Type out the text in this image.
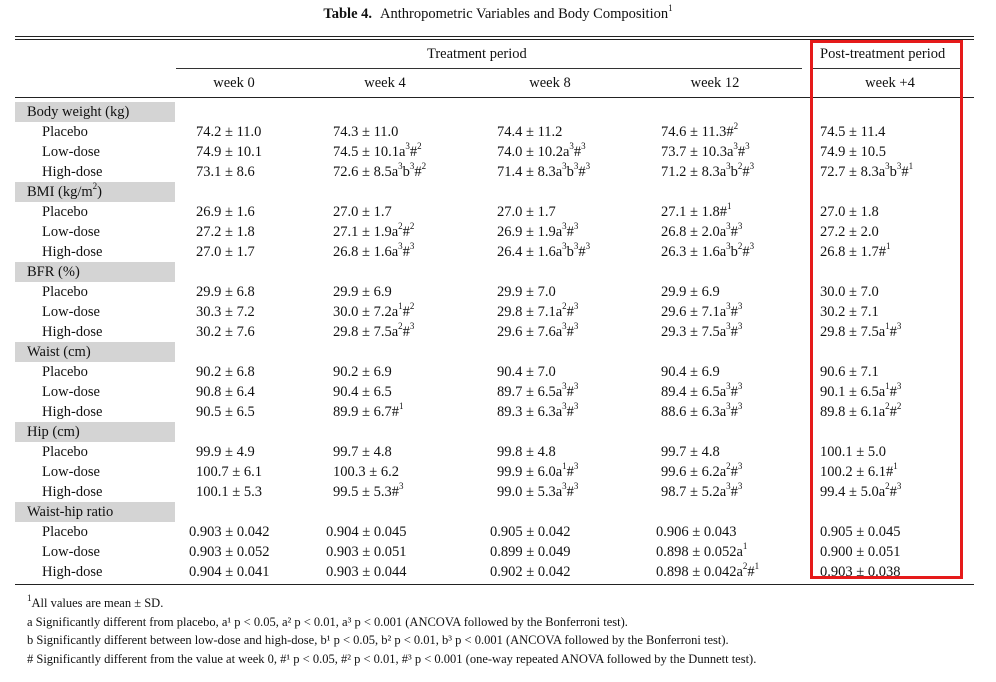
Table 4. Anthropometric Variables and Body Composition$^1$
Treatment period	Post-treatment period
week 0	week 4	week 8	week 12	week +4
Body weight (kg)
Placebo	74.2 ± 11.0	74.3 ± 11.0	74.4 ± 11.2	74.6 ± 11.3#$^2$	74.5 ± 11.4
Low-dose	74.9 ± 10.1	$74.5 \pm 10.1a^3\#^2$	$74.0 \pm 10.2a^3\#^3$	$73.7 \pm 10.3a^3\#^3$	74.9 ± 10.5
High-dose	73.1 ± 8.6	$72.6 \pm 8.5a^3b^3\#^2$	$71.4 \pm 8.3a^3b^3\#^3$	$71.2 \pm 8.3a^3b^2\#^3$	$72.7 \pm 8.3a^3b^3\#^1$
BMI $(kg/m^2)$
Placebo	26.9 ± 1.6	27.0 ± 1.7	27.0 ± 1.7	27.1 ± 1.8#$^1$	27.0 ± 1.8
Low-dose	27.2 ± 1.8	$27.1 \pm 1.9a^2\#^2$	$26.9 \pm 1.9a^3\#^3$	$26.8 \pm 2.0a^3\#^3$	27.2 ± 2.0
High-dose	27.0 ± 1.7	$26.8 \pm 1.6a^3\#^3$	$26.4 \pm 1.6a^3b^3\#^3$	$26.3 \pm 1.6a^3b^2\#^3$	26.8 ± 1.7#$^1$
BFR (%)
Placebo	29.9 ± 6.8	29.9 ± 6.9	29.9 ± 7.0	29.9 ± 6.9	30.0 ± 7.0
Low-dose	30.3 ± 7.2	$30.0 \pm 7.2a^1\#^2$	$29.8 \pm 7.1a^2\#^3$	$29.6 \pm 7.1a^3\#^3$	30.2 ± 7.1
High-dose	30.2 ± 7.6	$29.8 \pm 7.5a^2\#^3$	$29.6 \pm 7.6a^3\#^3$	$29.3 \pm 7.5a^3\#^3$	$29.8 \pm 7.5a^1\#^3$
Waist (cm)
Placebo	90.2 ± 6.8	90.2 ± 6.9	90.4 ± 7.0	90.4 ± 6.9	90.6 ± 7.1
Low-dose	90.8 ± 6.4	90.4 ± 6.5	$89.7 \pm 6.5a^3\#^3$	$89.4 \pm 6.5a^3\#^3$	$90.1 \pm 6.5a^1\#^3$
High-dose	90.5 ± 6.5	89.9 ± 6.7#$^1$	$89.3 \pm 6.3a^3\#^3$	$88.6 \pm 6.3a^3\#^3$	$89.8 \pm 6.1a^2\#^2$
Hip (cm)
Placebo	99.9 ± 4.9	99.7 ± 4.8	99.8 ± 4.8	99.7 ± 4.8	100.1 ± 5.0
Low-dose	100.7 ± 6.1	100.3 ± 6.2	$99.9 \pm 6.0a^1\#^3$	$99.6 \pm 6.2a^2\#^3$	100.2 ± 6.1#$^1$
High-dose	100.1 ± 5.3	99.5 ± 5.3#$^3$	$99.0 \pm 5.3a^3\#^3$	$98.7 \pm 5.2a^3\#^3$	$99.4 \pm 5.0a^2\#^3$
Waist-hip ratio
Placebo	0.903 ± 0.042	0.904 ± 0.045	0.905 ± 0.042	0.906 ± 0.043	0.905 ± 0.045
Low-dose	0.903 ± 0.052	0.903 ± 0.051	0.899 ± 0.049	$0.898 \pm 0.052a^1$	0.900 ± 0.051
High-dose	0.904 ± 0.041	0.903 ± 0.044	0.902 ± 0.042	$0.898 \pm 0.042a^2\#^1$	0.903 ± 0.038
$^1$All values are mean ± SD.
a Significantly different from placebo, a¹ p < 0.05, a² p < 0.01, a³ p < 0.001 (ANCOVA followed by the Bonferroni test).
b Significantly different between low-dose and high-dose, b¹ p < 0.05, b² p < 0.01, b³ p < 0.001 (ANCOVA followed by the Bonferroni test).
# Significantly different from the value at week 0, #¹ p < 0.05, #² p < 0.01, #³ p < 0.001 (one-way repeated ANOVA followed by the Dunnett test).
